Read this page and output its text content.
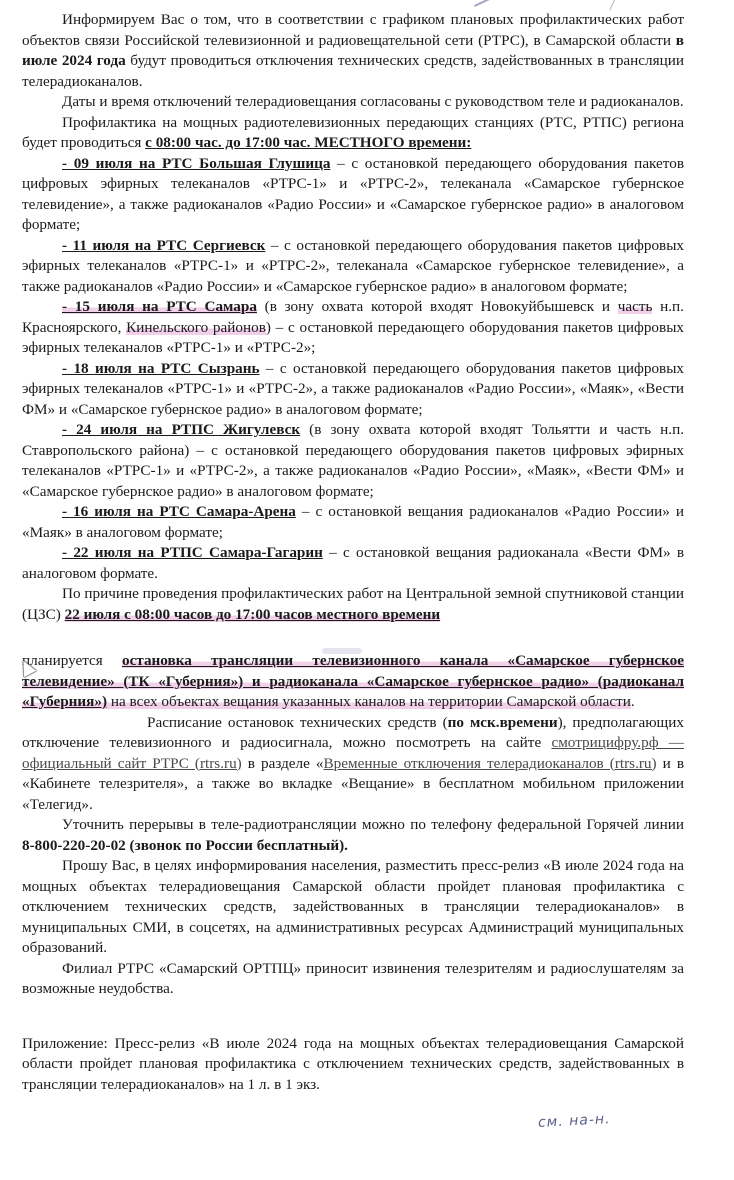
Информируем Вас о том, что в соответствии с графиком плановых профилактических работ объектов связи Российской телевизионной и радиовещательной сети (РТРС), в Самарской области в июле 2024 года будут проводиться отключения технических средств, задействованных в трансляции телерадиоканалов.

Даты и время отключений телерадиовещания согласованы с руководством теле и радиоканалов.

Профилактика на мощных радиотелевизионных передающих станциях (РТС, РТПС) региона будет проводиться с 08:00 час. до 17:00 час. МЕСТНОГО времени:

- 09 июля на РТС Большая Глушица – с остановкой передающего оборудования пакетов цифровых эфирных телеканалов «РТРС-1» и «РТРС-2», телеканала «Самарское губернское телевидение», а также радиоканалов «Радио России» и «Самарское губернское радио» в аналоговом формате;

- 11 июля на РТС Сергиевск – с остановкой передающего оборудования пакетов цифровых эфирных телеканалов «РТРС-1» и «РТРС-2», телеканала «Самарское губернское телевидение», а также радиоканалов «Радио России» и «Самарское губернское радио» в аналоговом формате;

- 15 июля на РТС Самара (в зону охвата которой входят Новокуйбышевск и часть н.п. Красноярского, Кинельского районов) – с остановкой передающего оборудования пакетов цифровых эфирных телеканалов «РТРС-1» и «РТРС-2»;

- 18 июля на РТС Сызрань – с остановкой передающего оборудования пакетов цифровых эфирных телеканалов «РТРС-1» и «РТРС-2», а также радиоканалов «Радио России», «Маяк», «Вести ФМ» и «Самарское губернское радио» в аналоговом формате;

- 24 июля на РТПС Жигулевск (в зону охвата которой входят Тольятти и часть н.п. Ставропольского района) – с остановкой передающего оборудования пакетов цифровых эфирных телеканалов «РТРС-1» и «РТРС-2», а также радиоканалов «Радио России», «Маяк», «Вести ФМ» и «Самарское губернское радио» в аналоговом формате;

- 16 июля на РТС Самара-Арена – с остановкой вещания радиоканалов «Радио России» и «Маяк» в аналоговом формате;

- 22 июля на РТПС Самара-Гагарин – с остановкой вещания радиоканала «Вести ФМ» в аналоговом формате.

По причине проведения профилактических работ на Центральной земной спутниковой станции (ЦЗС) 22 июля с 08:00 часов до 17:00 часов местного времени

планируется остановка трансляции телевизионного канала «Самарское губернское телевидение» (ТК «Губерния») и радиоканала «Самарское губернское радио» (радиоканал «Губерния») на всех объектах вещания указанных каналов на территории Самарской области.

Расписание остановок технических средств (по мск.времени), предполагающих отключение телевизионного и радиосигнала, можно посмотреть на сайте смотрицифру.рф — официальный сайт РТРС (rtrs.ru) в разделе «Временные отключения телерадиоканалов (rtrs.ru) и в «Кабинете телезрителя», а также во вкладке «Вещание» в бесплатном мобильном приложении «Телегид».

Уточнить перерывы в теле-радиотрансляции можно по телефону федеральной Горячей линии 8-800-220-20-02 (звонок по России бесплатный).

Прошу Вас, в целях информирования населения, разместить пресс-релиз «В июле 2024 года на мощных объектах телерадиовещания Самарской области пройдет плановая профилактика с отключением технических средств, задействованных в трансляции телерадиоканалов» в муниципальных СМИ, в соцсетях, на административных ресурсах Администраций муниципальных образований.

Филиал РТРС «Самарский ОРТПЦ» приносит извинения телезрителям и радиослушателям за возможные неудобства.

Приложение: Пресс-релиз «В июле 2024 года на мощных объектах телерадиовещания Самарской области пройдет плановая профилактика с отключением технических средств, задействованных в трансляции телерадиоканалов» на 1 л. в 1 экз.

см. на-н.
